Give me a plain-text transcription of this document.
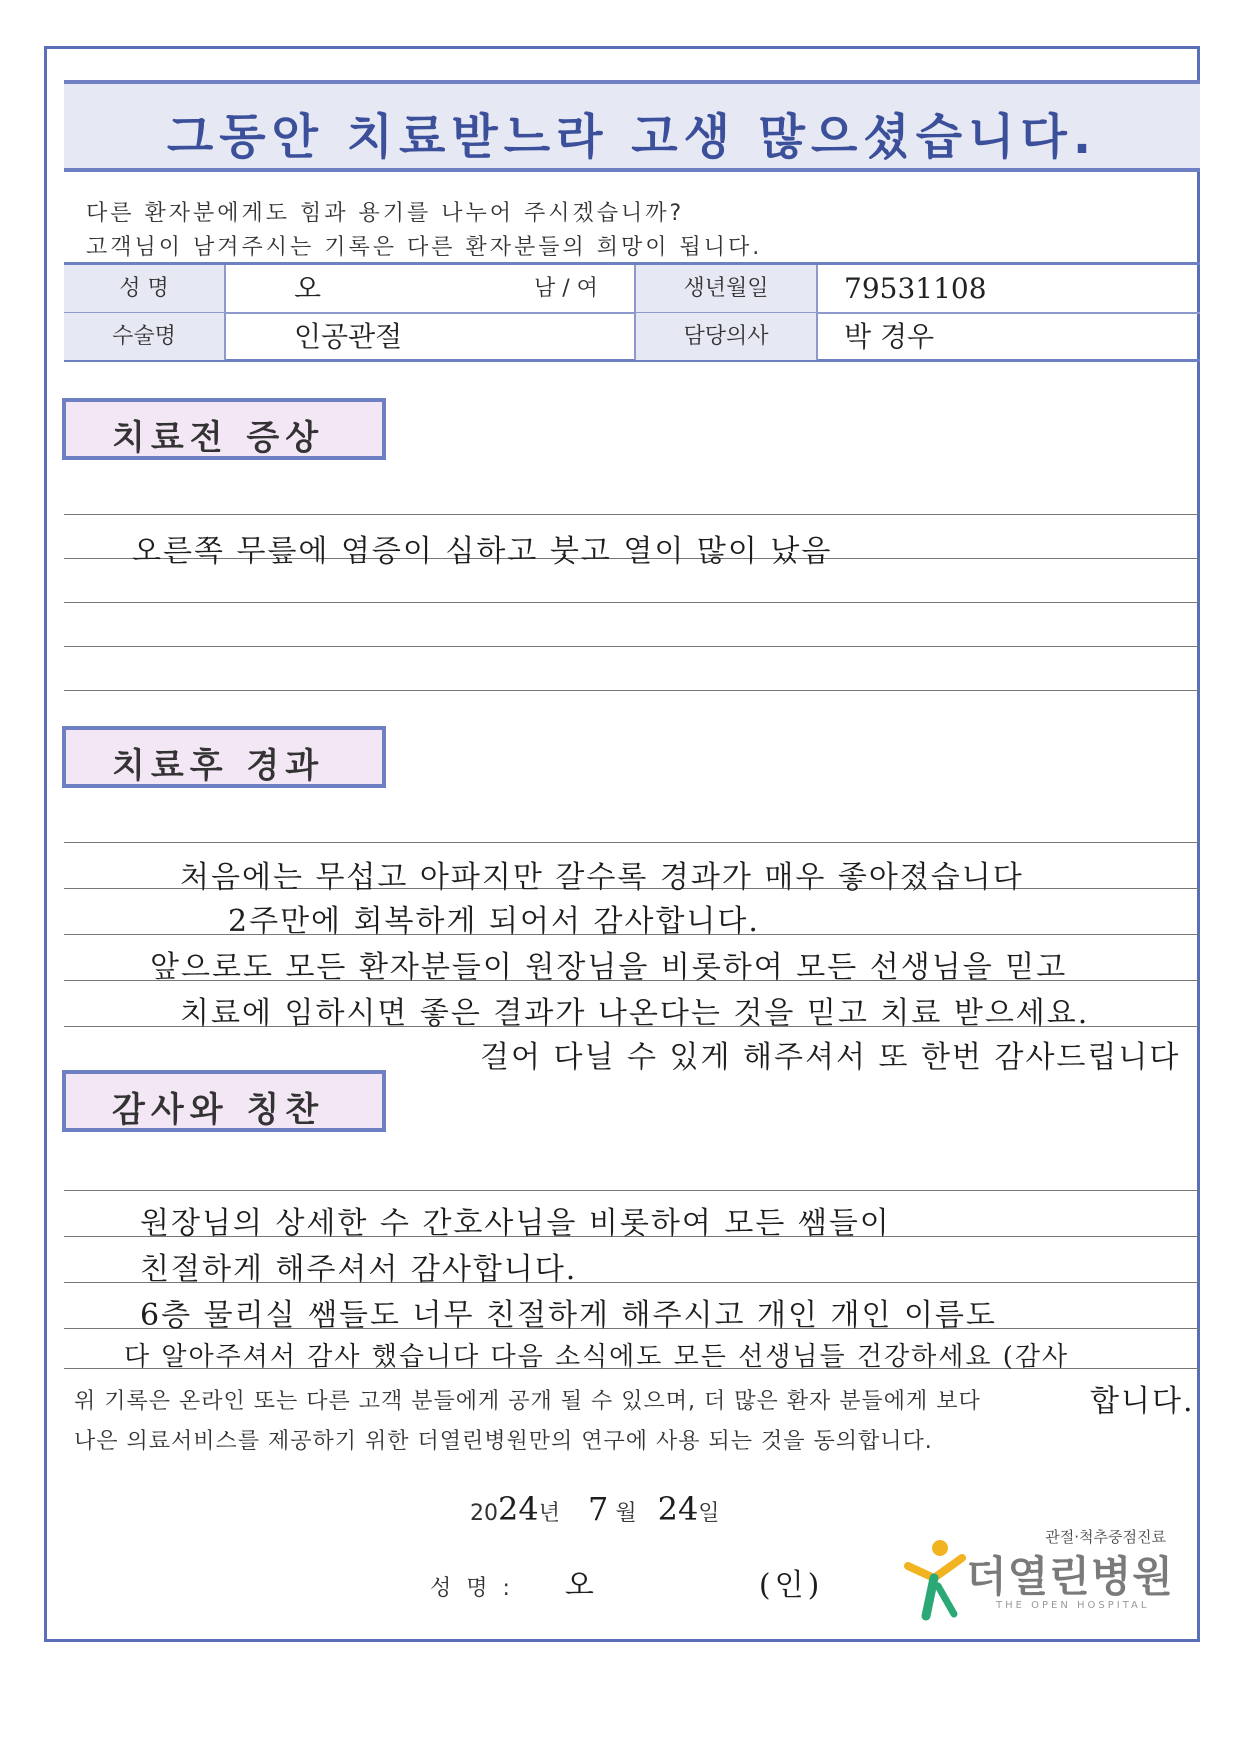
그동안 치료받느라 고생 많으셨습니다.
다른 환자분에게도 힘과 용기를 나누어 주시겠습니까?
고객님이 남겨주시는 기록은 다른 환자분들의 희망이 됩니다.
성 명	오	남 / 여	생년월일	79531108
수술명	인공관절	담당의사	박 경우
치료전 증상
오른쪽 무릎에 염증이 심하고 붓고 열이 많이 났음
치료후 경과
처음에는 무섭고 아파지만 갈수록 경과가 매우 좋아졌습니다
2주만에 회복하게 되어서 감사합니다.
앞으로도 모든 환자분들이 원장님을 비롯하여 모든 선생님을 믿고
치료에 임하시면 좋은 결과가 나온다는 것을 믿고 치료 받으세요.
걸어 다닐 수 있게 해주셔서 또 한번 감사드립니다
감사와 칭찬
원장님의 상세한 수 간호사님을 비롯하여 모든 쌤들이
친절하게 해주셔서 감사합니다.
6층 물리실 쌤들도 너무 친절하게 해주시고 개인 개인 이름도
다 알아주셔서 감사 했습니다 다음 소식에도 모든 선생님들 건강하세요 (감사
합니다.
위 기록은 온라인 또는 다른 고객 분들에게 공개 될 수 있으며, 더 많은 환자 분들에게 보다
나은 의료서비스를 제공하기 위한 더열린병원만의 연구에 사용 되는 것을 동의합니다.
2024년 7 월 24일
성 명 : 오	(인)
관절·척추중점진료
더열린병원
THE OPEN HOSPITAL
